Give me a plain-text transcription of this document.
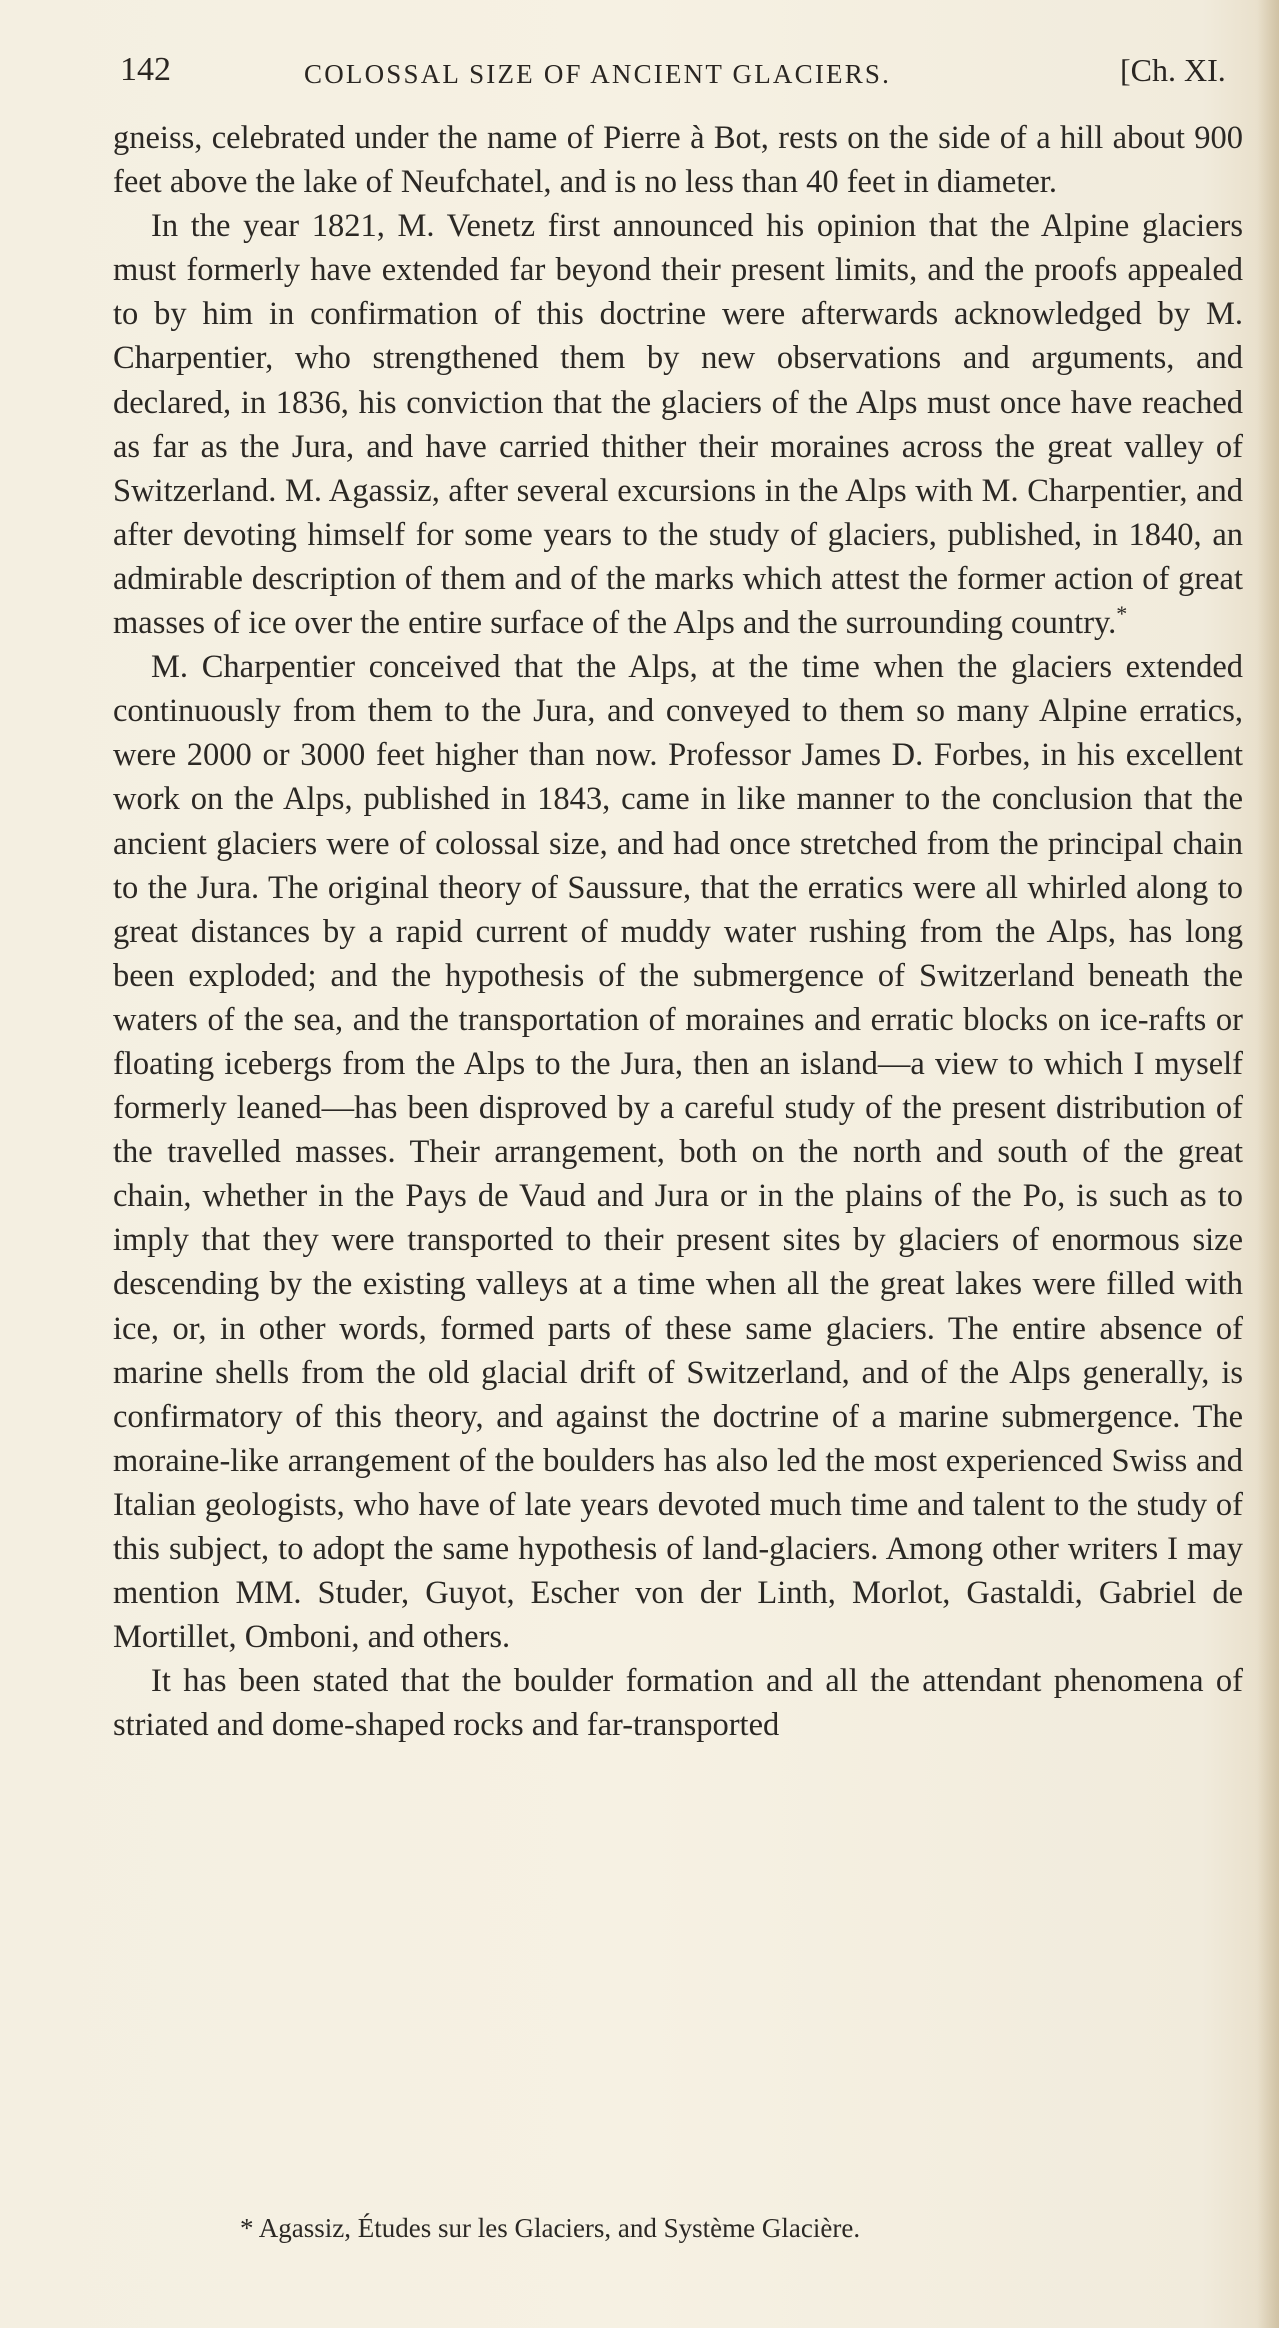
142	COLOSSAL SIZE OF ANCIENT GLACIERS.	[Ch. XI.

gneiss, celebrated under the name of Pierre à Bot, rests on the side of a hill about 900 feet above the lake of Neufchatel, and is no less than 40 feet in diameter.

In the year 1821, M. Venetz first announced his opinion that the Alpine glaciers must formerly have extended far beyond their present limits, and the proofs appealed to by him in confirmation of this doctrine were afterwards acknowledged by M. Charpentier, who strengthened them by new observations and arguments, and declared, in 1836, his conviction that the glaciers of the Alps must once have reached as far as the Jura, and have carried thither their moraines across the great valley of Switzerland. M. Agassiz, after several excursions in the Alps with M. Charpentier, and after devoting himself for some years to the study of glaciers, published, in 1840, an admirable description of them and of the marks which attest the former action of great masses of ice over the entire surface of the Alps and the surrounding country.*

M. Charpentier conceived that the Alps, at the time when the glaciers extended continuously from them to the Jura, and conveyed to them so many Alpine erratics, were 2000 or 3000 feet higher than now. Professor James D. Forbes, in his excellent work on the Alps, published in 1843, came in like manner to the conclusion that the ancient glaciers were of colossal size, and had once stretched from the principal chain to the Jura. The original theory of Saussure, that the erratics were all whirled along to great distances by a rapid current of muddy water rushing from the Alps, has long been exploded; and the hypothesis of the submergence of Switzerland beneath the waters of the sea, and the transportation of moraines and erratic blocks on ice-rafts or floating icebergs from the Alps to the Jura, then an island—a view to which I myself formerly leaned—has been disproved by a careful study of the present distribution of the travelled masses. Their arrangement, both on the north and south of the great chain, whether in the Pays de Vaud and Jura or in the plains of the Po, is such as to imply that they were transported to their present sites by glaciers of enormous size descending by the existing valleys at a time when all the great lakes were filled with ice, or, in other words, formed parts of these same glaciers. The entire absence of marine shells from the old glacial drift of Switzerland, and of the Alps generally, is confirmatory of this theory, and against the doctrine of a marine submergence. The moraine-like arrangement of the boulders has also led the most experienced Swiss and Italian geologists, who have of late years devoted much time and talent to the study of this subject, to adopt the same hypothesis of land-glaciers. Among other writers I may mention MM. Studer, Guyot, Escher von der Linth, Morlot, Gastaldi, Gabriel de Mortillet, Omboni, and others.

It has been stated that the boulder formation and all the attendant phenomena of striated and dome-shaped rocks and far-transported

* Agassiz, Études sur les Glaciers, and Système Glacière.
